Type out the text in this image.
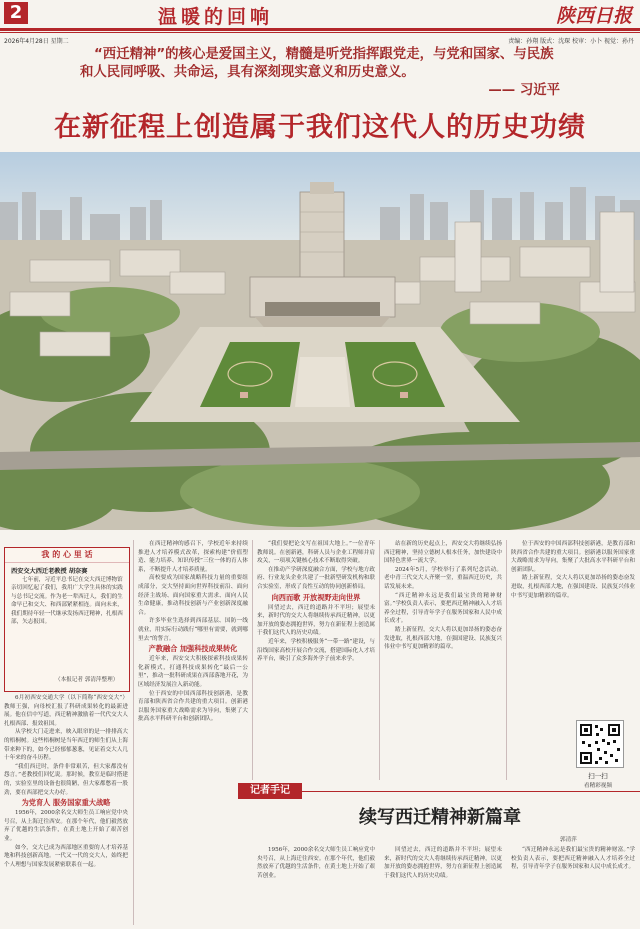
2	温暖的回响	陕西日报
2026年4月28日 星期二	责编：孙翔 版式：沈琛 校审：小卜 视觉：孙丹
“西迁精神”的核心是爱国主义，精髓是听党指挥跟党走，与党和国家、与民族和人民同呼吸、共命运，具有深刻现实意义和历史意义。
—— 习近平
在新征程上创造属于我们这代人的历史功绩
我 的 心 里 话
西安交大西迁老教授 胡奈赛
七年前，习近平总书记在交大西迁博物馆亲切回忆起了我们，我用广大学生具体的实践与总书记交流。作为老一辈西迁人，我们的生命早已和交大、和西部紧紧相连。面向未来，我们期待年轻一代继承发扬西迁精神，扎根西部，矢志报国。
（本报记者 郭清萍整理）

6月初西安交通大学（以下简称“西安交大”）教师王强，向母校汇报了科研成果转化的最新进展。他在信中写道，西迁精神激励着一代代交大人扎根西部、报效祖国。

从学校大门走进来，映入眼帘的是一排排高大的梧桐树。这些梧桐树是当年西迁的师生们从上海带来种下的，如今已经郁郁葱葱，见证着交大人几十年来的奋斗历程。

“我们西迁时，条件非常艰苦，但大家都没有怨言。”老教授们回忆说。那时候，教室是临时搭建的，实验室里的设备也很简陋，但大家都憋着一股劲，要在西部把交大办好。

为党育人 服务国家重大战略

1956年，2000余名交大师生员工响应党中央号召，从上海迁往西安。在那个年代，他们毅然放弃了优越的生活条件，在黄土地上开始了艰苦创业。

如今，交大已成为西部地区重要的人才培养基地和科技创新高地。一代又一代的交大人，始终把个人理想与国家发展紧密联系在一起。

在西迁精神的感召下，学校近年来持续推进人才培养模式改革，探索构建“价值塑造、能力培养、知识传授”三位一体的育人体系，不断提升人才培养质量。

高校要成为国家战略科技力量的重要组成部分，交大坚持面向世界科技前沿、面向经济主战场、面向国家重大需求、面向人民生命健康，推动科技创新与产业创新深度融合。

许多毕业生选择到西部基层、国防一线就业，用实际行动践行“哪里有需要，就到哪里去”的誓言。

产教融合 加强科技成果转化

近年来，西安交大积极探索科技成果转化新模式，打通科技成果转化“最后一公里”，推动一批科研成果在西部落地开花，为区域经济发展注入新动能。

位于西安的中国西部科技创新港，是教育部和陕西省合作共建的重大项目。创新港以服务国家重大战略需求为导向，集聚了大批高水平科研平台和创新团队。

“我们要把论文写在祖国大地上。”一位青年教师说。在创新港，科研人员与企业工程师并肩攻关，一项项关键核心技术不断取得突破。

在推动产学研深度融合方面，学校与地方政府、行业龙头企业共建了一批新型研发机构和联合实验室，形成了良性互动的协同创新格局。

向西而歌 开放视野走向世界

回望过去，西迁的道路并不平坦；展望未来，新时代的交大人将继续传承西迁精神，以更加开放的姿态拥抱世界，努力在新征程上创造属于我们这代人的历史功绩。

近年来，学校积极服务“一带一路”建设，与沿线国家高校开展合作交流，搭建国际化人才培养平台，吸引了众多海外学子前来求学。

站在新的历史起点上，西安交大将继续弘扬西迁精神，坚持立德树人根本任务，加快建设中国特色世界一流大学。

2024年5月，学校举行了系列纪念活动。老中青三代交大人齐聚一堂，重温西迁历史，共话发展未来。

“西迁精神永远是我们最宝贵的精神财富。”学校负责人表示，要把西迁精神融入人才培养全过程，引导青年学子在服务国家和人民中成长成才。

踏上新征程，交大人将以更加昂扬的姿态奋发进取，扎根西部大地，在强国建设、民族复兴伟业中书写更加精彩的篇章。

位于西安的中国西部科技创新港，是教育部和陕西省合作共建的重大项目。创新港以服务国家重大战略需求为导向，集聚了大批高水平科研平台和创新团队。

踏上新征程，交大人将以更加昂扬的姿态奋发进取，扎根西部大地，在强国建设、民族复兴伟业中书写更加精彩的篇章。

扫一扫
看精彩视频
记者手记
续写西迁精神新篇章
郭清萍

1956年，2000余名交大师生员工响应党中央号召，从上海迁往西安。在那个年代，他们毅然放弃了优越的生活条件，在黄土地上开始了艰苦创业。

回望过去，西迁的道路并不平坦；展望未来，新时代的交大人将继续传承西迁精神，以更加开放的姿态拥抱世界，努力在新征程上创造属于我们这代人的历史功绩。

“西迁精神永远是我们最宝贵的精神财富。”学校负责人表示，要把西迁精神融入人才培养全过程，引导青年学子在服务国家和人民中成长成才。
